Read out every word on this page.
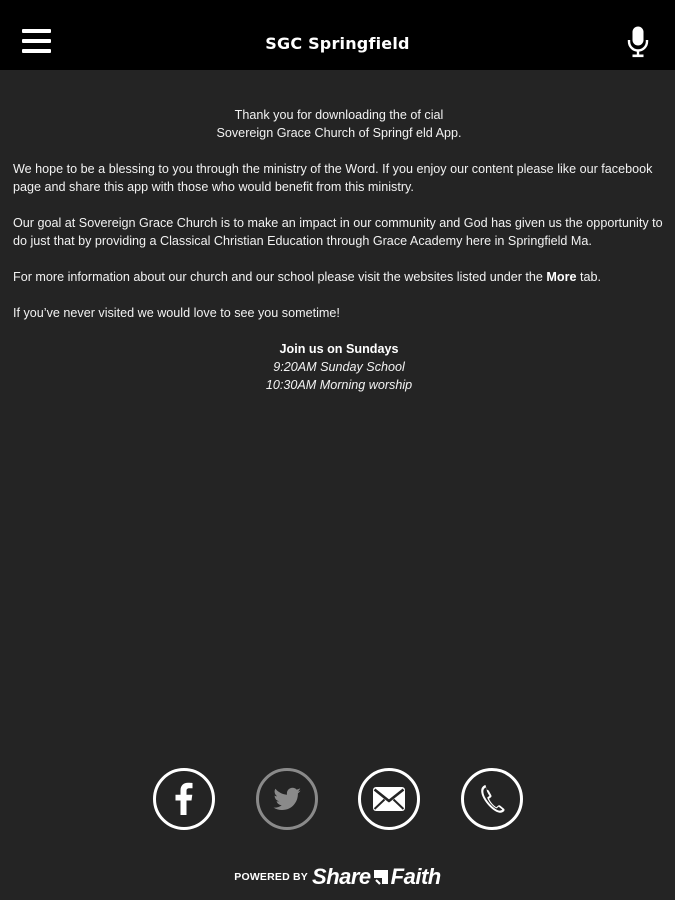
SGC Springfield

Thank you for downloading the of cial
Sovereign Grace Church of Springf eld App.

We hope to be a blessing to you through the ministry of the Word. If you enjoy our content please like our facebook page and share this app with those who would benefit from this ministry.

Our goal at Sovereign Grace Church is to make an impact in our community and God has given us the opportunity to do just that by providing a Classical Christian Education through Grace Academy here in Springfield Ma.

For more information about our church and our school please visit the websites listed under the More tab.

If you’ve never visited we would love to see you sometime!

Join us on Sundays
9:20AM Sunday School
10:30AM Morning worship

POWERED BY Share Faith
